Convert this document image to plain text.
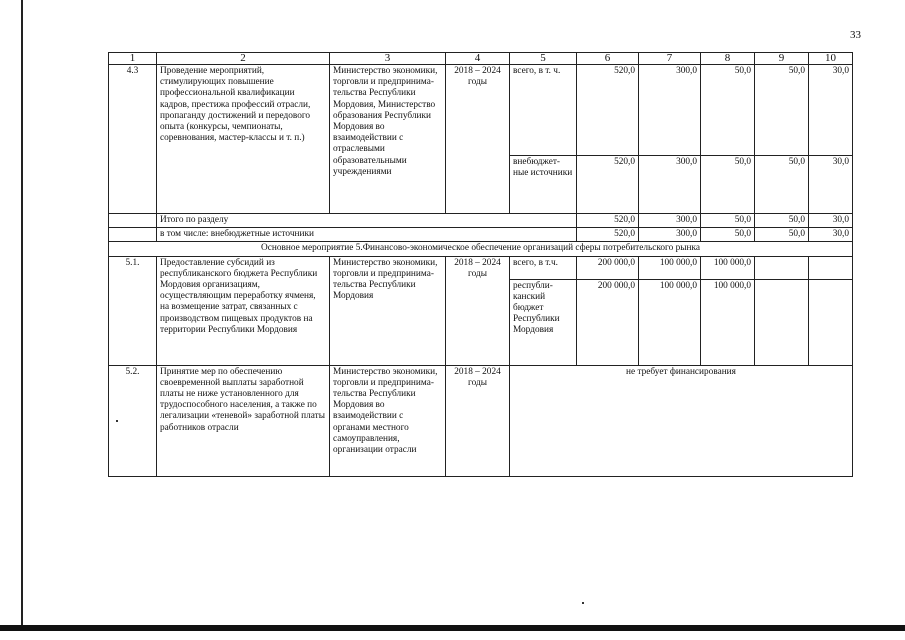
33
1	2	3	4	5	6	7	8	9	10
4.3	Проведение мероприятий, стимулирующих повышение профессиональной квалификации кадров, престижа профессий отрасли, пропаганду достижений и передового опыта (конкурсы, чемпионаты, соревнования, мастер-классы и т. п.)	Министерство экономики, торговли и предпринима-тельства Республики Мордовия, Министерство образования Республики Мордовия во взаимодействии с отраслевыми образовательными учреждениями	2018 – 2024 годы	всего, в т. ч.	520,0	300,0	50,0	50,0	30,0
				внебюджет-ные источники	520,0	300,0	50,0	50,0	30,0
	Итого по разделу				520,0	300,0	50,0	50,0	30,0
	в том числе: внебюджетные источники				520,0	300,0	50,0	50,0	30,0
Основное мероприятие 5.Финансово-экономическое обеспечение организаций сферы потребительского рынка									
5.1.	Предоставление субсидий из республиканского бюджета Республики Мордовия организациям, осуществляющим переработку ячменя, на возмещение затрат, связанных с производством пищевых продуктов на территории Республики Мордовия	Министерство экономики, торговли и предпринима-тельства Республики Мордовия	2018 – 2024 годы	всего, в т.ч.	200 000,0	100 000,0	100 000,0		
				республи-канский бюджет Республики Мордовия	200 000,0	100 000,0	100 000,0		
5.2.	Принятие мер по обеспечению своевременной выплаты заработной платы не ниже установленного для трудоспособного населения, а также по легализации «теневой» заработной платы работников отрасли	Министерство экономики, торговли и предпринима-тельства Республики Мордовия во взаимодействии с органами местного самоуправления, организации отрасли	2018 – 2024 годы	не требует финансирования					
